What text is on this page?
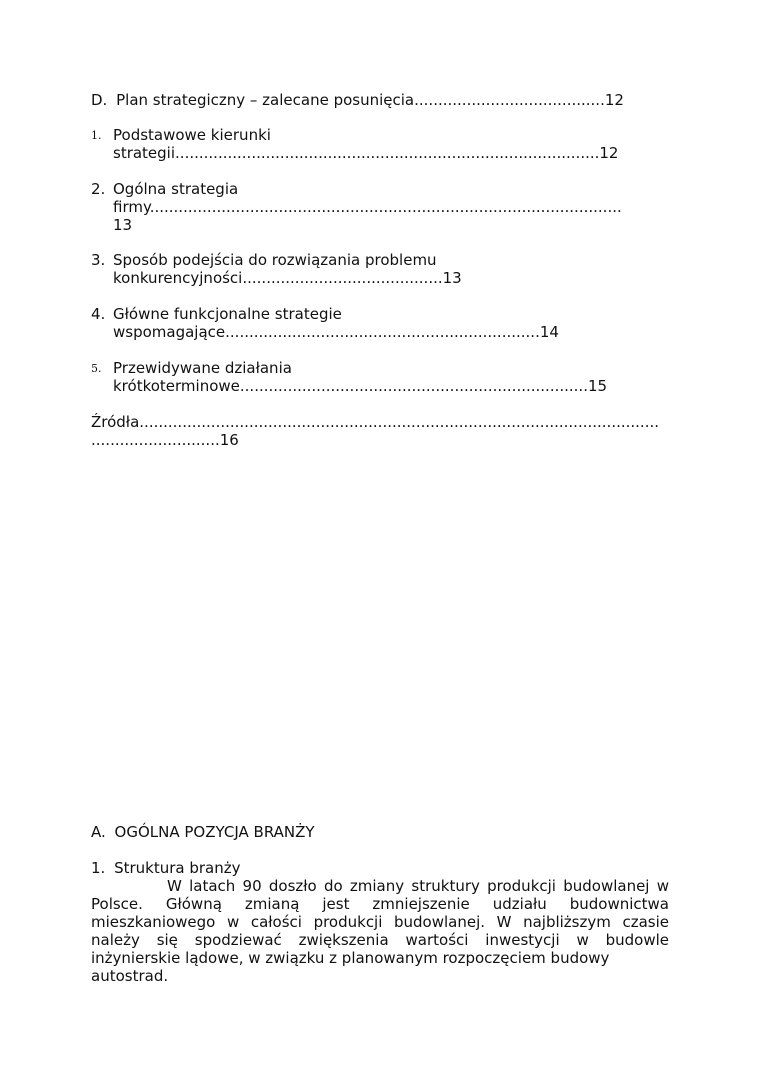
D. Plan strategiczny – zalecane posunięcia........................................12
1. Podstawowe kierunki
strategii.........................................................................................12
2. Ogólna strategia
firmy...................................................................................................
13
3. Sposób podejścia do rozwiązania problemu
konkurencyjności..........................................13
4. Główne funkcjonalne strategie
wspomagające..................................................................14
5. Przewidywane działania
krótkoterminowe.........................................................................15
Źródła.............................................................................................................
...........................16
A. OGÓLNA POZYCJA BRANŻY
1. Struktura branży
W latach 90 doszło do zmiany struktury produkcji budowlanej w Polsce. Główną zmianą jest zmniejszenie udziału budownictwa mieszkaniowego w całości produkcji budowlanej. W najbliższym czasie należy się spodziewać zwiększenia wartości inwestycji w budowle inżynierskie lądowe, w związku z planowanym rozpoczęciem budowy
autostrad.
